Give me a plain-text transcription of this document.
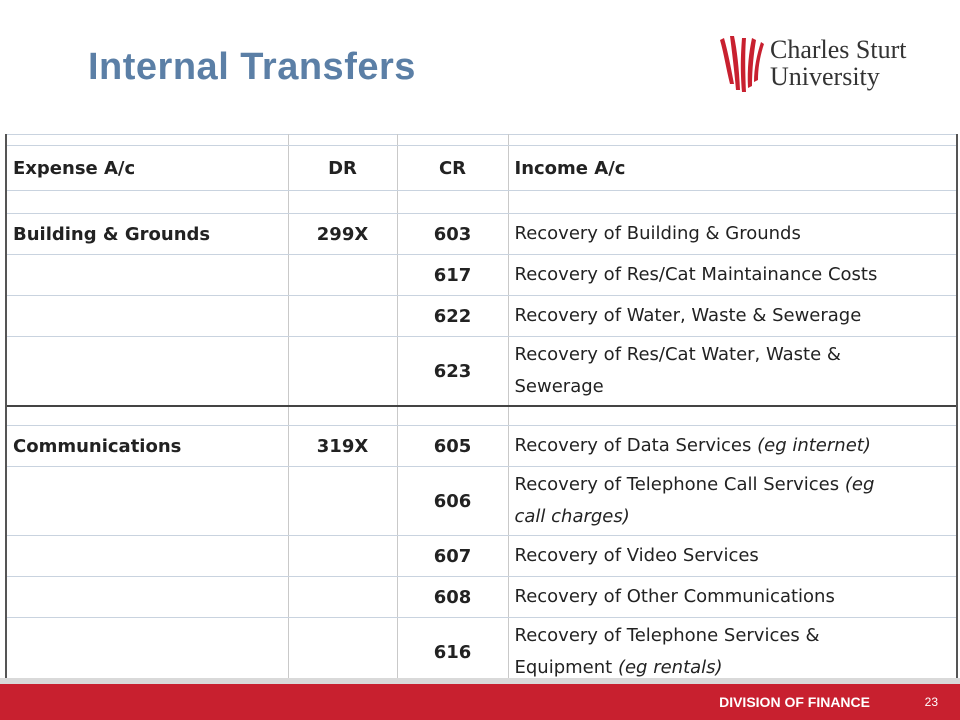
Internal Transfers	Charles Sturt
University

Expense A/c	DR	CR	Income A/c

Building & Grounds	299X	603	Recovery of Building & Grounds
		617	Recovery of Res/Cat Maintainance Costs
		622	Recovery of Water, Waste & Sewerage
		623	Recovery of Res/Cat Water, Waste &
Sewerage

Communications	319X	605	Recovery of Data Services (eg internet)
		606	Recovery of Telephone Call Services (eg
call charges)

		607	Recovery of Video Services
		608	Recovery of Other Communications
		616	Recovery of Telephone Services &
Equipment (eg rentals)
DIVISION OF FINANCE	23
